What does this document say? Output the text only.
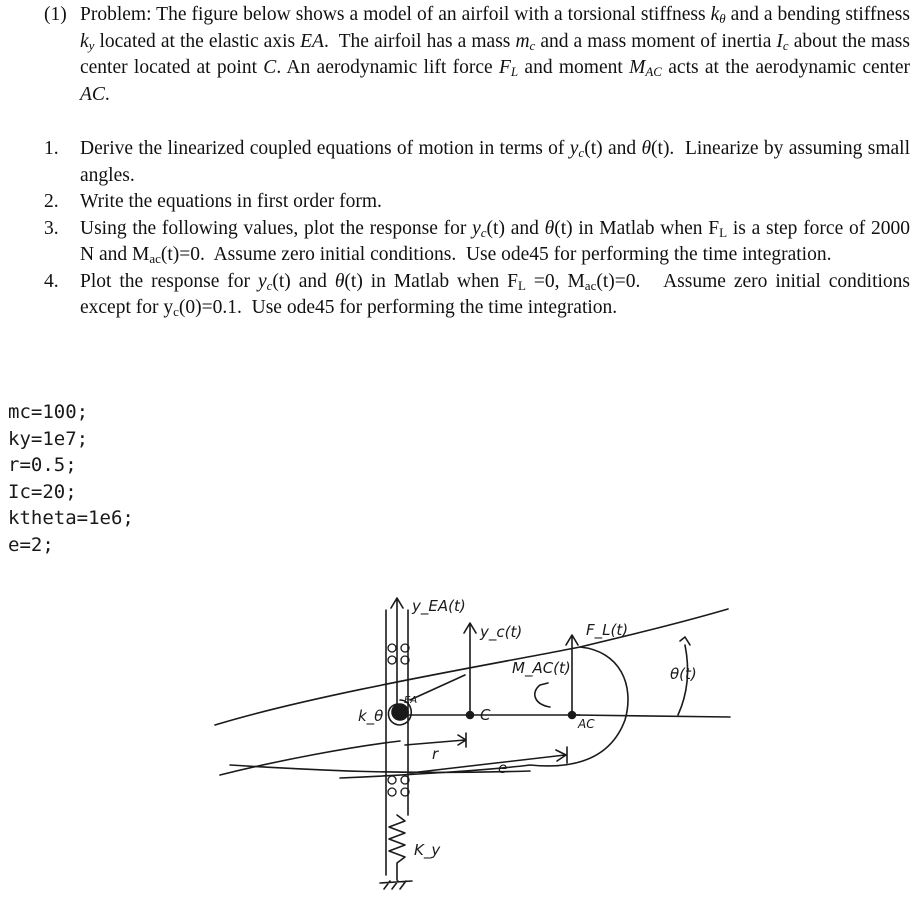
(1) Problem: The figure below shows a model of an airfoil with a torsional stiffness $k_\theta$ and a bending stiffness $k_y$ located at the elastic axis EA.  The airfoil has a mass $m_c$ and a mass moment of inertia $I_c$ about the mass center located at point C. An aerodynamic lift force $F_L$ and moment $M_{AC}$ acts at the aerodynamic center AC.
1. Derive the linearized coupled equations of motion in terms of $y_c(t)$ and θ(t).  Linearize by assuming small angles.
2. Write the equations in first order form.
3. Using the following values, plot the response for $y_c(t)$ and θ(t) in Matlab when $F_L$ is a step force of 2000 N and $M_{ac}(t)=0$.  Assume zero initial conditions.  Use ode45 for performing the time integration.
4. Plot the response for $y_c(t)$ and θ(t) in Matlab when $F_L =0$, $M_{ac}(t)=0$.   Assume zero initial conditions except for $y_c(0)=0.1$.  Use ode45 for performing the time integration.
mc=100;
ky=1e7;
r=0.5;
Ic=20;
ktheta=1e6;
e=2;
y_EA(t)
y_c(t)	F_L(t)
M_AC(t)	θ(t)
k_θ
EA
C	AC
r
e
K_y
